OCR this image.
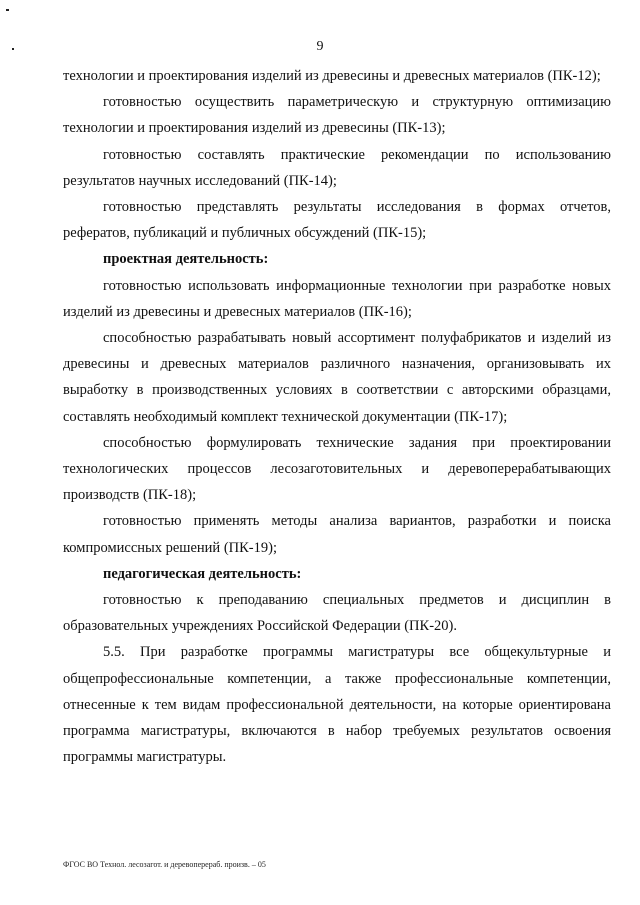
9

технологии и проектирования изделий из древесины и древесных материалов (ПК-12);

готовностью осуществить параметрическую и структурную оптимизацию технологии и проектирования изделий из древесины (ПК-13);

готовностью составлять практические рекомендации по использованию результатов научных исследований (ПК-14);

готовностью представлять результаты исследования в формах отчетов, рефератов, публикаций и публичных обсуждений (ПК-15);

проектная деятельность:

готовностью использовать информационные технологии при разработке новых изделий из древесины и древесных материалов (ПК-16);

способностью разрабатывать новый ассортимент полуфабрикатов и изделий из древесины и древесных материалов различного назначения, организовывать их выработку в производственных условиях в соответствии с авторскими образцами, составлять необходимый комплект технической документации (ПК-17);

способностью формулировать технические задания при проектировании технологических процессов лесозаготовительных и деревоперерабатывающих производств (ПК-18);

готовностью применять методы анализа вариантов, разработки и поиска компромиссных решений (ПК-19);

педагогическая деятельность:

готовностью к преподаванию специальных предметов и дисциплин в образовательных учреждениях Российской Федерации (ПК-20).

5.5. При разработке программы магистратуры все общекультурные и общепрофессиональные компетенции, а также профессиональные компетенции, отнесенные к тем видам профессиональной деятельности, на которые ориентирована программа магистратуры, включаются в набор требуемых результатов освоения программы магистратуры.

ФГОС ВО Технол. лесозагот. и деревоперераб. произв. – 05
